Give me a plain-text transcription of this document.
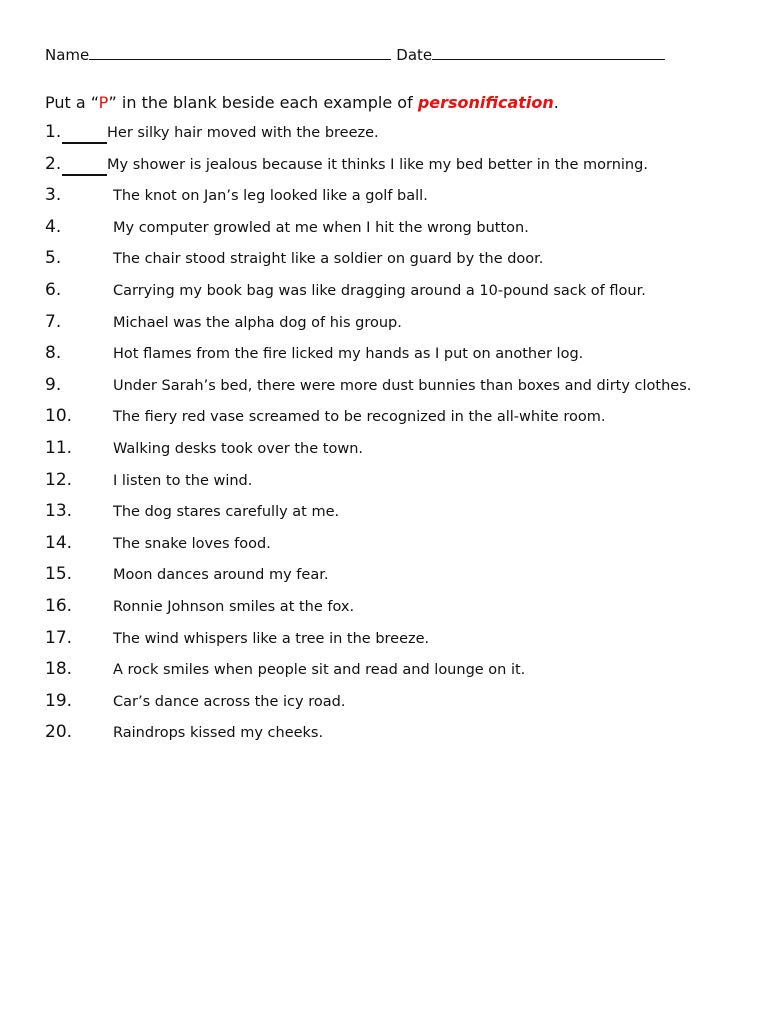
Name	Date
Put a “P” in the blank beside each example of personification.
1.	Her silky hair moved with the breeze.
2.	My shower is jealous because it thinks I like my bed better in the morning.
3.	The knot on Jan’s leg looked like a golf ball.
4.	My computer growled at me when I hit the wrong button.
5.	The chair stood straight like a soldier on guard by the door.
6.	Carrying my book bag was like dragging around a 10-pound sack of flour.
7.	Michael was the alpha dog of his group.
8.	Hot flames from the fire licked my hands as I put on another log.
9.	Under Sarah’s bed, there were more dust bunnies than boxes and dirty clothes.
10.	The fiery red vase screamed to be recognized in the all-white room.
11.	Walking desks took over the town.
12.	I listen to the wind.
13.	The dog stares carefully at me.
14.	The snake loves food.
15.	Moon dances around my fear.
16.	Ronnie Johnson smiles at the fox.
17.	The wind whispers like a tree in the breeze.
18.	A rock smiles when people sit and read and lounge on it.
19.	Car’s dance across the icy road.
20.	Raindrops kissed my cheeks.
